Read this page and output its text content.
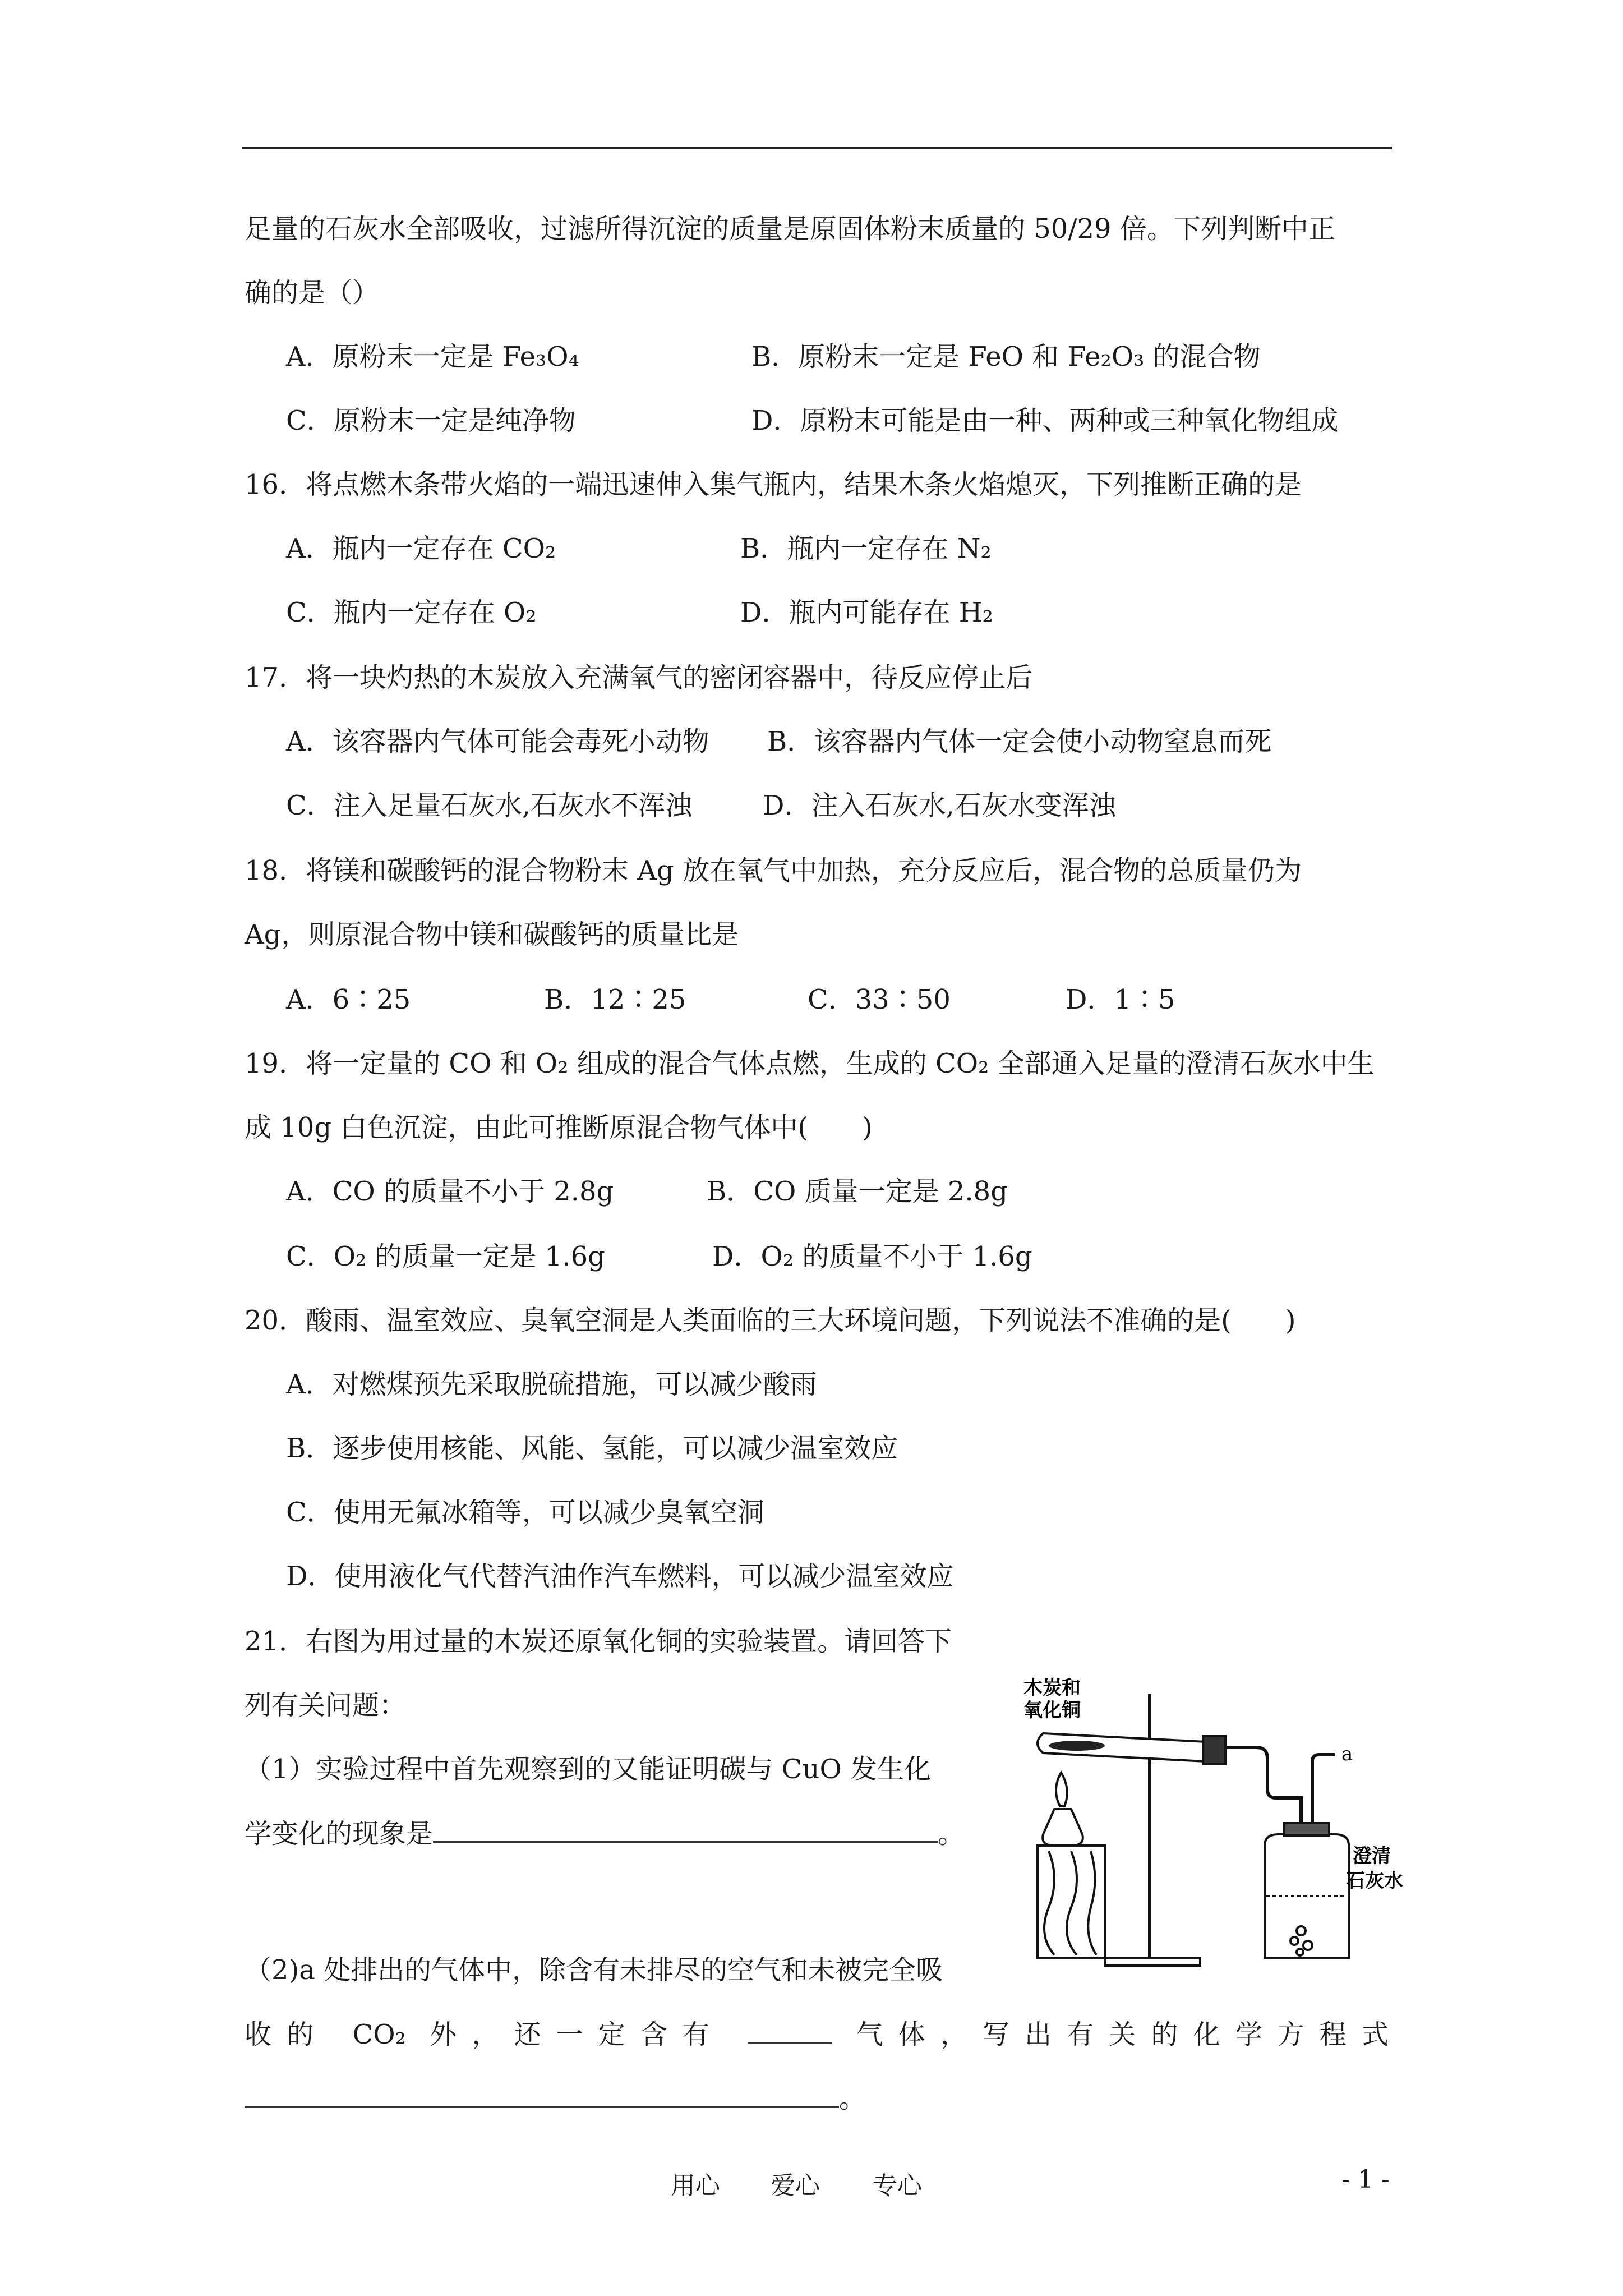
足量的石灰水全部吸收，过滤所得沉淀的质量是原固体粉末质量的 50/29 倍。下列判断中正
确的是（）
A．原粉末一定是 Fe₃O₄	B．原粉末一定是 FeO 和 Fe₂O₃ 的混合物
C．原粉末一定是纯净物	D．原粉末可能是由一种、两种或三种氧化物组成
16．将点燃木条带火焰的一端迅速伸入集气瓶内，结果木条火焰熄灭，下列推断正确的是
A．瓶内一定存在 CO₂	B．瓶内一定存在 N₂
C．瓶内一定存在 O₂	D．瓶内可能存在 H₂
17．将一块灼热的木炭放入充满氧气的密闭容器中，待反应停止后
A．该容器内气体可能会毒死小动物 B．该容器内气体一定会使小动物窒息而死
C．注入足量石灰水,石灰水不浑浊	D．注入石灰水,石灰水变浑浊
18．将镁和碳酸钙的混合物粉末 Ag 放在氧气中加热，充分反应后，混合物的总质量仍为
Ag，则原混合物中镁和碳酸钙的质量比是
A．6∶25	B．12∶25	C．33∶50	D．1∶5
19．将一定量的 CO 和 O₂ 组成的混合气体点燃，生成的 CO₂ 全部通入足量的澄清石灰水中生
成 10g 白色沉淀，由此可推断原混合物气体中(　　)
A．CO 的质量不小于 2.8g	B．CO 质量一定是 2.8g
C．O₂ 的质量一定是 1.6g	D．O₂ 的质量不小于 1.6g
20．酸雨、温室效应、臭氧空洞是人类面临的三大环境问题，下列说法不准确的是(　　)
A．对燃煤预先采取脱硫措施，可以减少酸雨
B．逐步使用核能、风能、氢能，可以减少温室效应
C．使用无氟冰箱等，可以减少臭氧空洞
D．使用液化气代替汽油作汽车燃料，可以减少温室效应
21．右图为用过量的木炭还原氧化铜的实验装置。请回答下
列有关问题：
（1）实验过程中首先观察到的又能证明碳与 CuO 发生化
学变化的现象是	。
（2)a 处排出的气体中，除含有未排尽的空气和未被完全吸
收的 CO₂ 外，还一定含有	气体，写出有关的化学方程式
。
木炭和
氧化铜
a
澄清
石灰水
用心 爱心 专心	- 1 -
